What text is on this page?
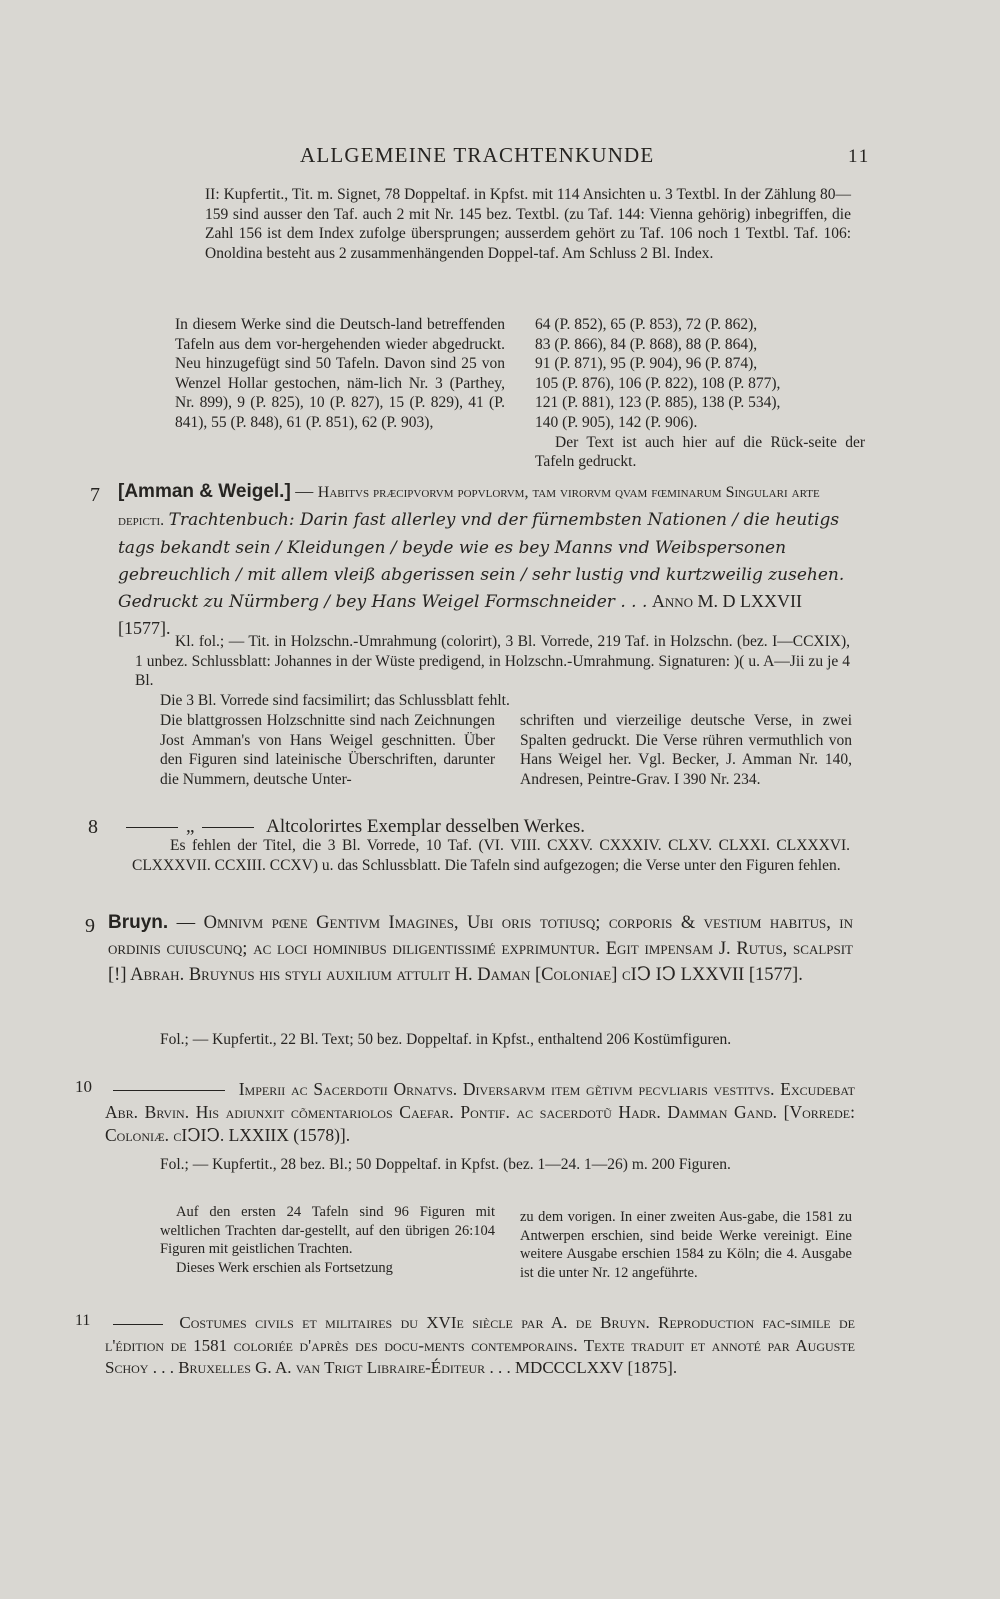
ALLGEMEINE TRACHTENKUNDE	11

II: Kupfertit., Tit. m. Signet, 78 Doppeltaf. in Kpfst. mit 114 Ansichten u. 3 Textbl. In der Zählung 80—159 sind ausser den Taf. auch 2 mit Nr. 145 bez. Textbl. (zu Taf. 144: Vienna gehörig) inbegriffen, die Zahl 156 ist dem Index zufolge übersprungen; ausserdem gehört zu Taf. 106 noch 1 Textbl. Taf. 106: Onoldina besteht aus 2 zusammenhängenden Doppel-taf. Am Schluss 2 Bl. Index.

In diesem Werke sind die Deutsch-land betreffenden Tafeln aus dem vor-hergehenden wieder abgedruckt. Neu hinzugefügt sind 50 Tafeln. Davon sind 25 von Wenzel Hollar gestochen, näm-lich Nr. 3 (Parthey, Nr. 899), 9 (P. 825), 10 (P. 827), 15 (P. 829), 41 (P. 841), 55 (P. 848), 61 (P. 851), 62 (P. 903),

64 (P. 852), 65 (P. 853), 72 (P. 862),
83 (P. 866), 84 (P. 868), 88 (P. 864),
91 (P. 871), 95 (P. 904), 96 (P. 874),
105 (P. 876), 106 (P. 822), 108 (P. 877),
121 (P. 881), 123 (P. 885), 138 (P. 534),
140 (P. 905), 142 (P. 906).
Der Text ist auch hier auf die Rück-seite der Tafeln gedruckt.
7 [Amman & Weigel.] — Habitvs præcipvorvm popvlorvm, tam virorvm qvam fœminarum Singulari arte depicti. Trachtenbuch: Darin fast allerley vnd der fürnembsten Nationen / die heutigs tags bekandt sein / Kleidungen / beyde wie es bey Manns vnd Weibspersonen gebreuchlich / mit allem vleiß abgerissen sein / sehr lustig vnd kurtzweilig zusehen. Gedruckt zu Nürmberg / bey Hans Weigel Formschneider . . . Anno M. D LXXVII [1577].

Kl. fol.; — Tit. in Holzschn.-Umrahmung (colorirt), 3 Bl. Vorrede, 219 Taf. in Holzschn. (bez. I—CCXIX), 1 unbez. Schlussblatt: Johannes in der Wüste predigend, in Holzschn.-Umrahmung. Signaturen: )( u. A—Jii zu je 4 Bl.

Die 3 Bl. Vorrede sind facsimilirt; das Schlussblatt fehlt.

Die blattgrossen Holzschnitte sind nach Zeichnungen Jost Amman's von Hans Weigel geschnitten. Über den Figuren sind lateinische Überschriften, darunter die Nummern, deutsche Unter-

schriften und vierzeilige deutsche Verse, in zwei Spalten gedruckt. Die Verse rühren vermuthlich von Hans Weigel her. Vgl. Becker, J. Amman Nr. 140, Andresen, Peintre-Grav. I 390 Nr. 234.

8	„	Altcolorirtes Exemplar desselben Werkes.

Es fehlen der Titel, die 3 Bl. Vorrede, 10 Taf. (VI. VIII. CXXV. CXXXIV. CLXV. CLXXI. CLXXXVI. CLXXXVII. CCXIII. CCXV) u. das Schlussblatt. Die Tafeln sind aufgezogen; die Verse unter den Figuren fehlen.

9 Bruyn. — Omnivm pœne Gentivm Imagines, Ubi oris totiusq; corporis & vestium habitus, in ordinis cuiuscunq; ac loci hominibus diligentissimé exprimuntur. Egit impensam J. Rutus, scalpsit [!] Abrah. Bruynus his styli auxilium attulit H. Daman [Coloniae] cIↃ IↃ LXXVII [1577].

Fol.; — Kupfertit., 22 Bl. Text; 50 bez. Doppeltaf. in Kpfst., enthaltend 206 Kostümfiguren.

10	Imperii ac Sacerdotii Ornatvs. Diversarvm item gẽtivm pecvliaris vestitvs. Excudebat Abr. Brvin. His adiunxit cõmentariolos Caefar. Pontif. ac sacerdotũ Hadr. Damman Gand. [Vorrede: Coloniæ. cIↃIↃ. LXXIIX (1578)].

Fol.; — Kupfertit., 28 bez. Bl.; 50 Doppeltaf. in Kpfst. (bez. 1—24. 1—26) m. 200 Figuren.

Auf den ersten 24 Tafeln sind 96 Figuren mit weltlichen Trachten dar-gestellt, auf den übrigen 26:104 Figuren mit geistlichen Trachten.
Dieses Werk erschien als Fortsetzung

zu dem vorigen. In einer zweiten Aus-gabe, die 1581 zu Antwerpen erschien, sind beide Werke vereinigt. Eine weitere Ausgabe erschien 1584 zu Köln; die 4. Ausgabe ist die unter Nr. 12 angeführte.

11	Costumes civils et militaires du XVIe siècle par A. de Bruyn. Reproduction fac-simile de l'édition de 1581 coloriée d'après des docu-ments contemporains. Texte traduit et annoté par Auguste Schoy . . . Bruxelles G. A. van Trigt Libraire-Éditeur . . . MDCCCLXXV [1875].
